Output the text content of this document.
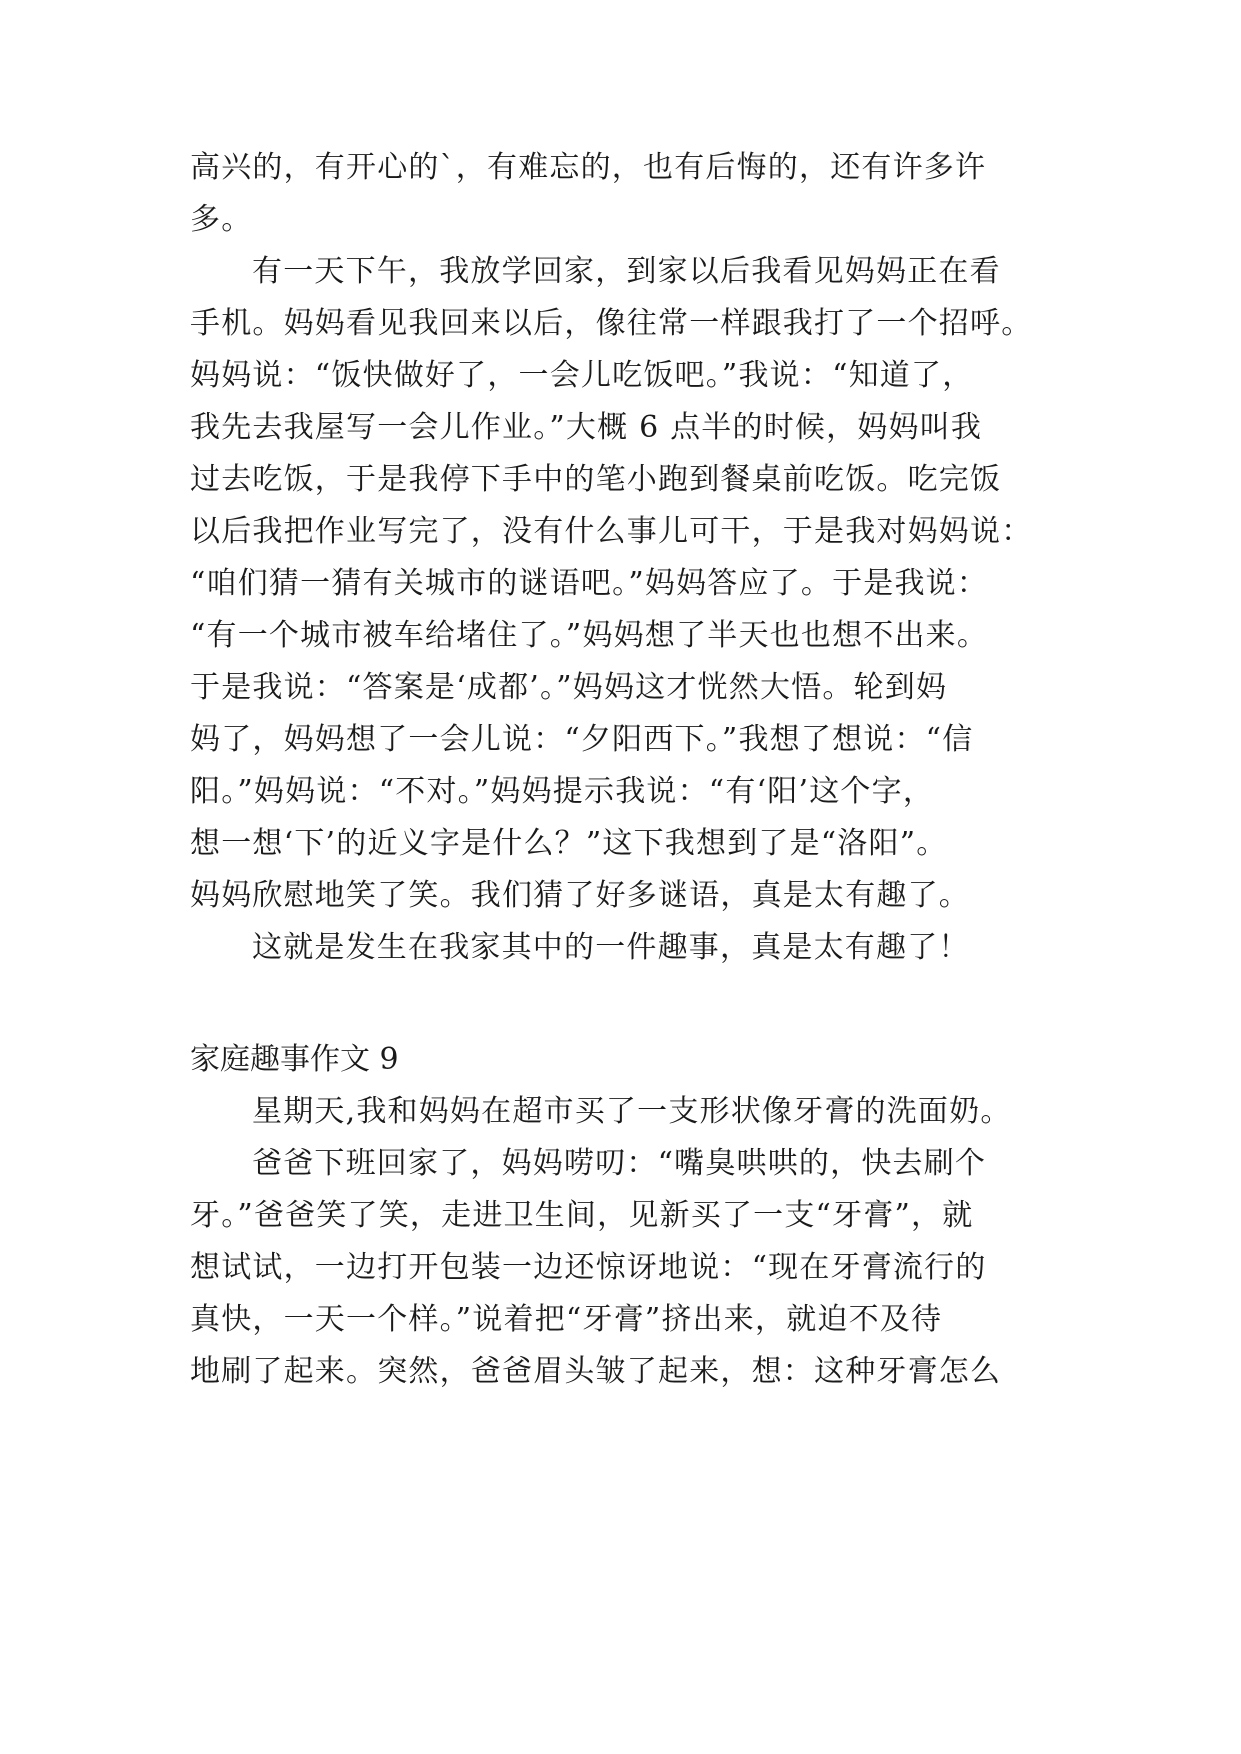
高兴的，有开心的`，有难忘的，也有后悔的，还有许多许
多。
有一天下午，我放学回家，到家以后我看见妈妈正在看
手机。妈妈看见我回来以后，像往常一样跟我打了一个招呼。
妈妈说：“饭快做好了，一会儿吃饭吧。”我说：“知道了，
我先去我屋写一会儿作业。”大概 6 点半的时候，妈妈叫我
过去吃饭，于是我停下手中的笔小跑到餐桌前吃饭。吃完饭
以后我把作业写完了，没有什么事儿可干，于是我对妈妈说：
“咱们猜一猜有关城市的谜语吧。”妈妈答应了。于是我说：
“有一个城市被车给堵住了。”妈妈想了半天也也想不出来。
于是我说：“答案是‘成都’。”妈妈这才恍然大悟。轮到妈
妈了，妈妈想了一会儿说：“夕阳西下。”我想了想说：“信
阳。”妈妈说：“不对。”妈妈提示我说：“有‘阳’这个字，
想一想‘下’的近义字是什么？”这下我想到了是“洛阳”。
妈妈欣慰地笑了笑。我们猜了好多谜语，真是太有趣了。
这就是发生在我家其中的一件趣事，真是太有趣了！
家庭趣事作文 9
星期天,我和妈妈在超市买了一支形状像牙膏的洗面奶。
爸爸下班回家了，妈妈唠叨：“嘴臭哄哄的，快去刷个
牙。”爸爸笑了笑，走进卫生间，见新买了一支“牙膏”，就
想试试，一边打开包装一边还惊讶地说：“现在牙膏流行的
真快，一天一个样。”说着把“牙膏”挤出来，就迫不及待
地刷了起来。突然，爸爸眉头皱了起来，想：这种牙膏怎么
